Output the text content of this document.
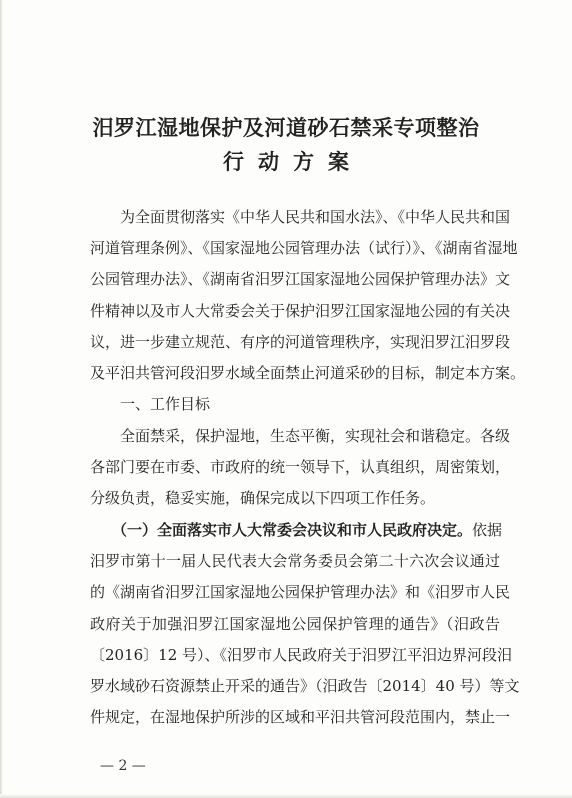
汨罗江湿地保护及河道砂石禁采专项整治
行动方案
为全面贯彻落实《中华人民共和国水法》、《中华人民共和国
河道管理条例》、《国家湿地公园管理办法（试行）》、《湖南省湿地
公园管理办法》、《湖南省汨罗江国家湿地公园保护管理办法》文
件精神以及市人大常委会关于保护汨罗江国家湿地公园的有关决
议，进一步建立规范、有序的河道管理秩序，实现汨罗江汨罗段
及平汨共管河段汨罗水域全面禁止河道采砂的目标，制定本方案。
一、工作目标
全面禁采，保护湿地，生态平衡，实现社会和谐稳定。各级
各部门要在市委、市政府的统一领导下，认真组织，周密策划，
分级负责，稳妥实施，确保完成以下四项工作任务。
（一）全面落实市人大常委会决议和市人民政府决定。依据
汨罗市第十一届人民代表大会常务委员会第二十六次会议通过
的《湖南省汨罗江国家湿地公园保护管理办法》和《汨罗市人民
政府关于加强汨罗江国家湿地公园保护管理的通告》（汨政告
〔2016〕12 号）、《汨罗市人民政府关于汨罗江平汨边界河段汨
罗水域砂石资源禁止开采的通告》（汨政告〔2014〕40 号）等文
件规定，在湿地保护所涉的区域和平汨共管河段范围内，禁止一
— 2 —
